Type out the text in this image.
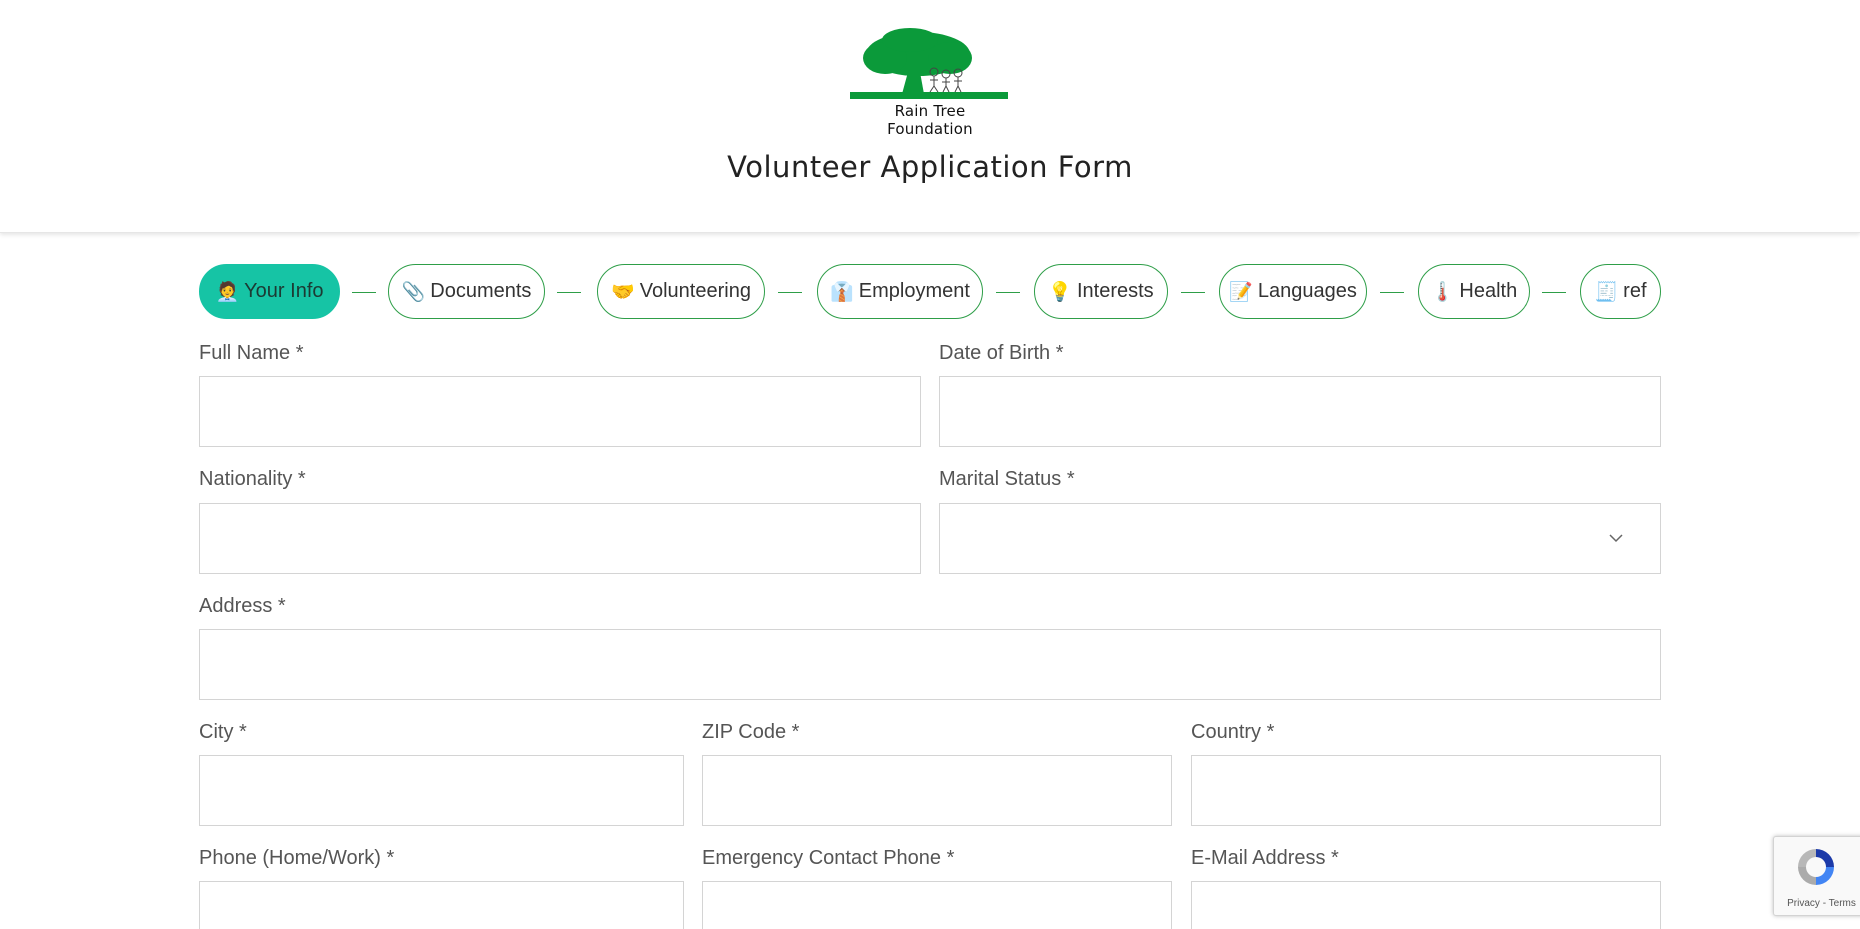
Rain Tree Foundation
Volunteer Application Form
🧑‍💼 Your Info	📎 Documents	🤝 Volunteering	👔 Employment	💡 Interests	📝 Languages	🌡️ Health	🧾 ref
Full Name *	Date of Birth *
Nationality *	Marital Status *
Address *
City *	ZIP Code *	Country *
Phone (Home/Work) *	Emergency Contact Phone *	E-Mail Address *
Privacy - Terms
